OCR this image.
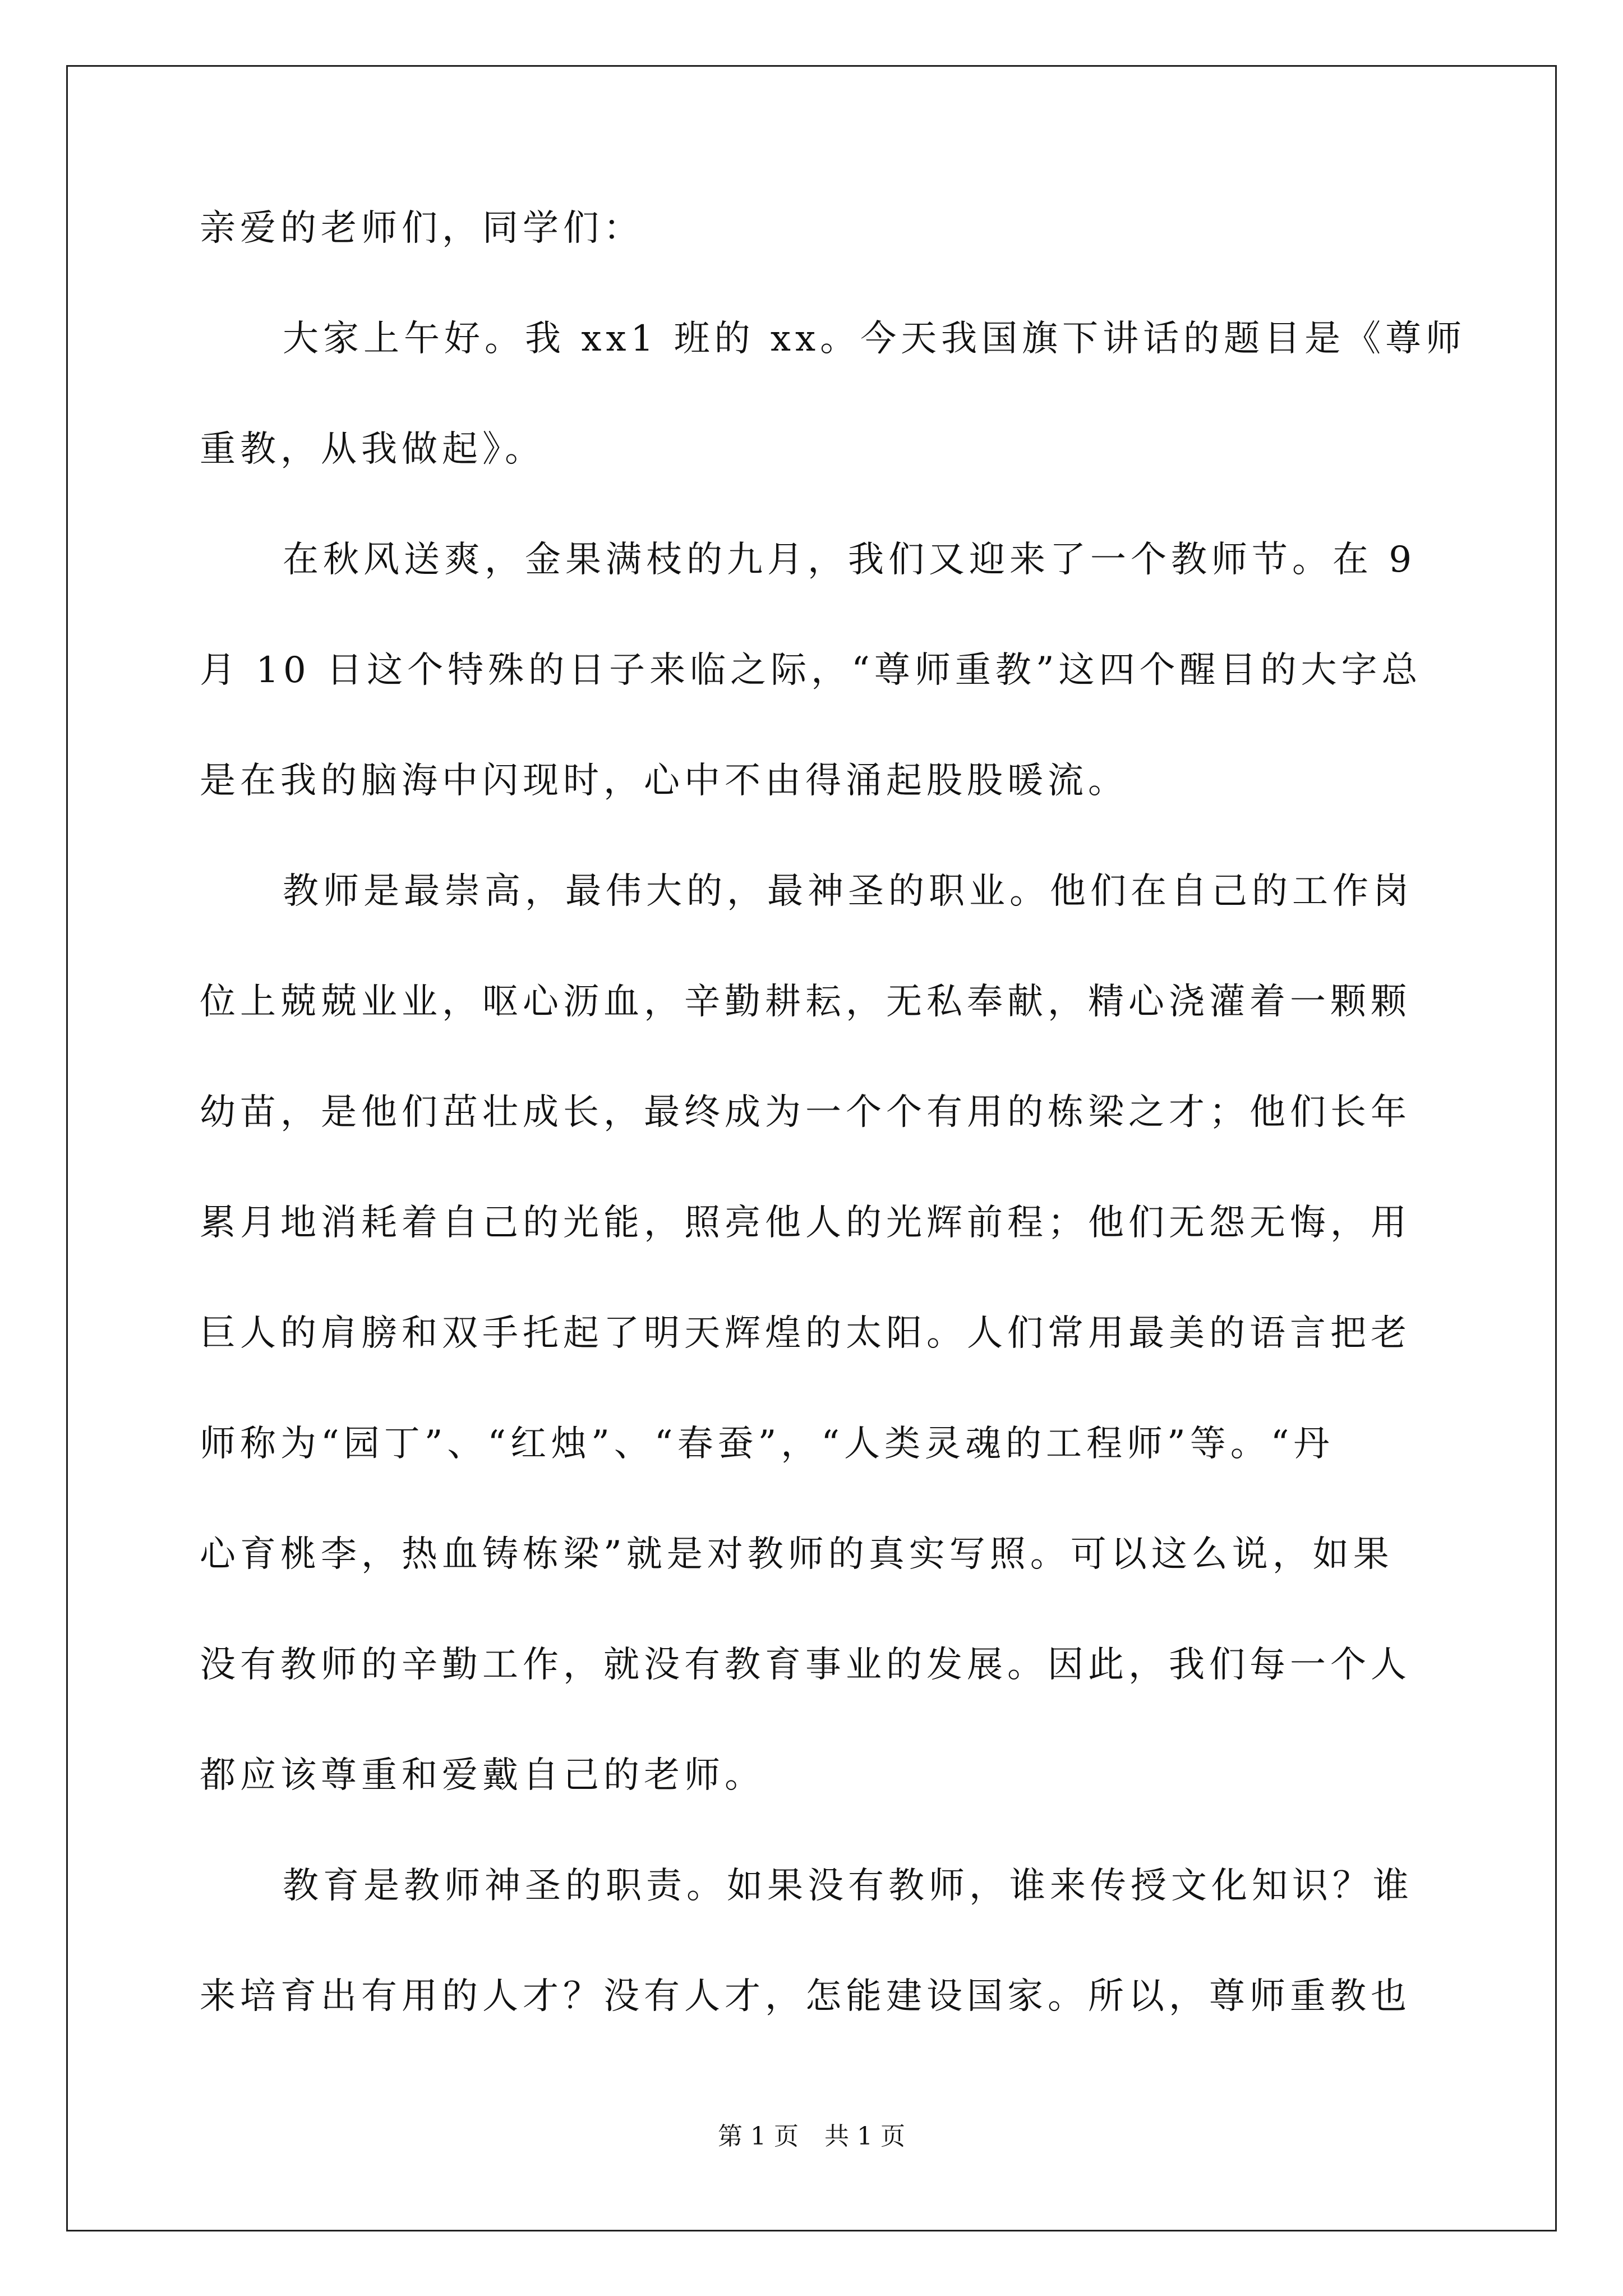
亲爱的老师们，同学们：
大家上午好。我 xx1 班的 xx。今天我国旗下讲话的题目是《尊师
重教，从我做起》。
在秋风送爽，金果满枝的九月，我们又迎来了一个教师节。在 9
月 10 日这个特殊的日子来临之际，“尊师重教”这四个醒目的大字总
是在我的脑海中闪现时，心中不由得涌起股股暖流。
教师是最崇高，最伟大的，最神圣的职业。他们在自己的工作岗
位上兢兢业业，呕心沥血，辛勤耕耘，无私奉献，精心浇灌着一颗颗
幼苗，是他们茁壮成长，最终成为一个个有用的栋梁之才；他们长年
累月地消耗着自己的光能，照亮他人的光辉前程；他们无怨无悔，用
巨人的肩膀和双手托起了明天辉煌的太阳。人们常用最美的语言把老
师称为“园丁”、“红烛”、“春蚕”，“人类灵魂的工程师”等。“丹
心育桃李，热血铸栋梁”就是对教师的真实写照。可以这么说，如果
没有教师的辛勤工作，就没有教育事业的发展。因此，我们每一个人
都应该尊重和爱戴自己的老师。
教育是教师神圣的职责。如果没有教师，谁来传授文化知识？谁
来培育出有用的人才？没有人才，怎能建设国家。所以，尊师重教也
第 1 页 共 1 页
